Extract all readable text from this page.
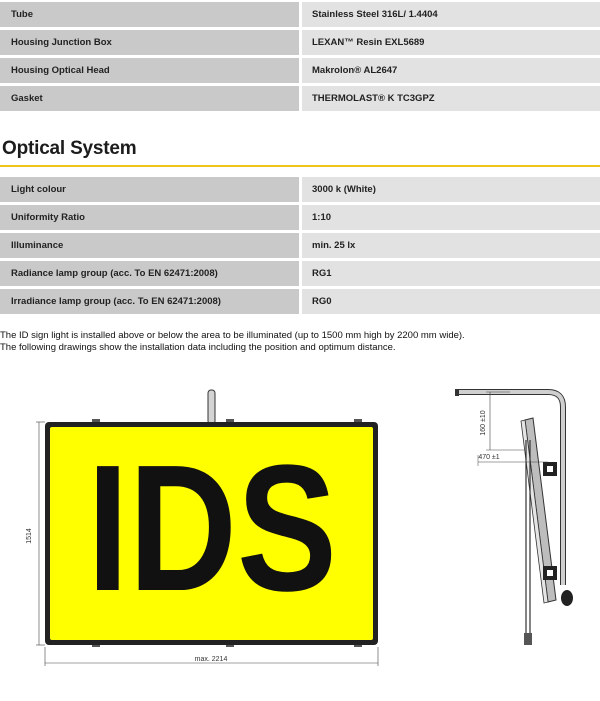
Tube	Stainless Steel 316L/ 1.4404
Housing Junction Box	LEXAN™ Resin EXL5689
Housing Optical Head	Makrolon® AL2647
Gasket	THERMOLAST® K TC3GPZ
Optical System
Light colour	3000 k (White)
Uniformity Ratio	1:10
Illuminance	min. 25 lx
Radiance lamp group (acc. To EN 62471:2008)	RG1
Irradiance lamp group (acc. To EN 62471:2008)	RG0
The ID sign light is installed above or below the area to be illuminated (up to 1500 mm high by 2200 mm wide).
The following drawings show the installation data including the position and optimum distance.
IDS
1514
max. 2214
160 ±10
470 ±1
